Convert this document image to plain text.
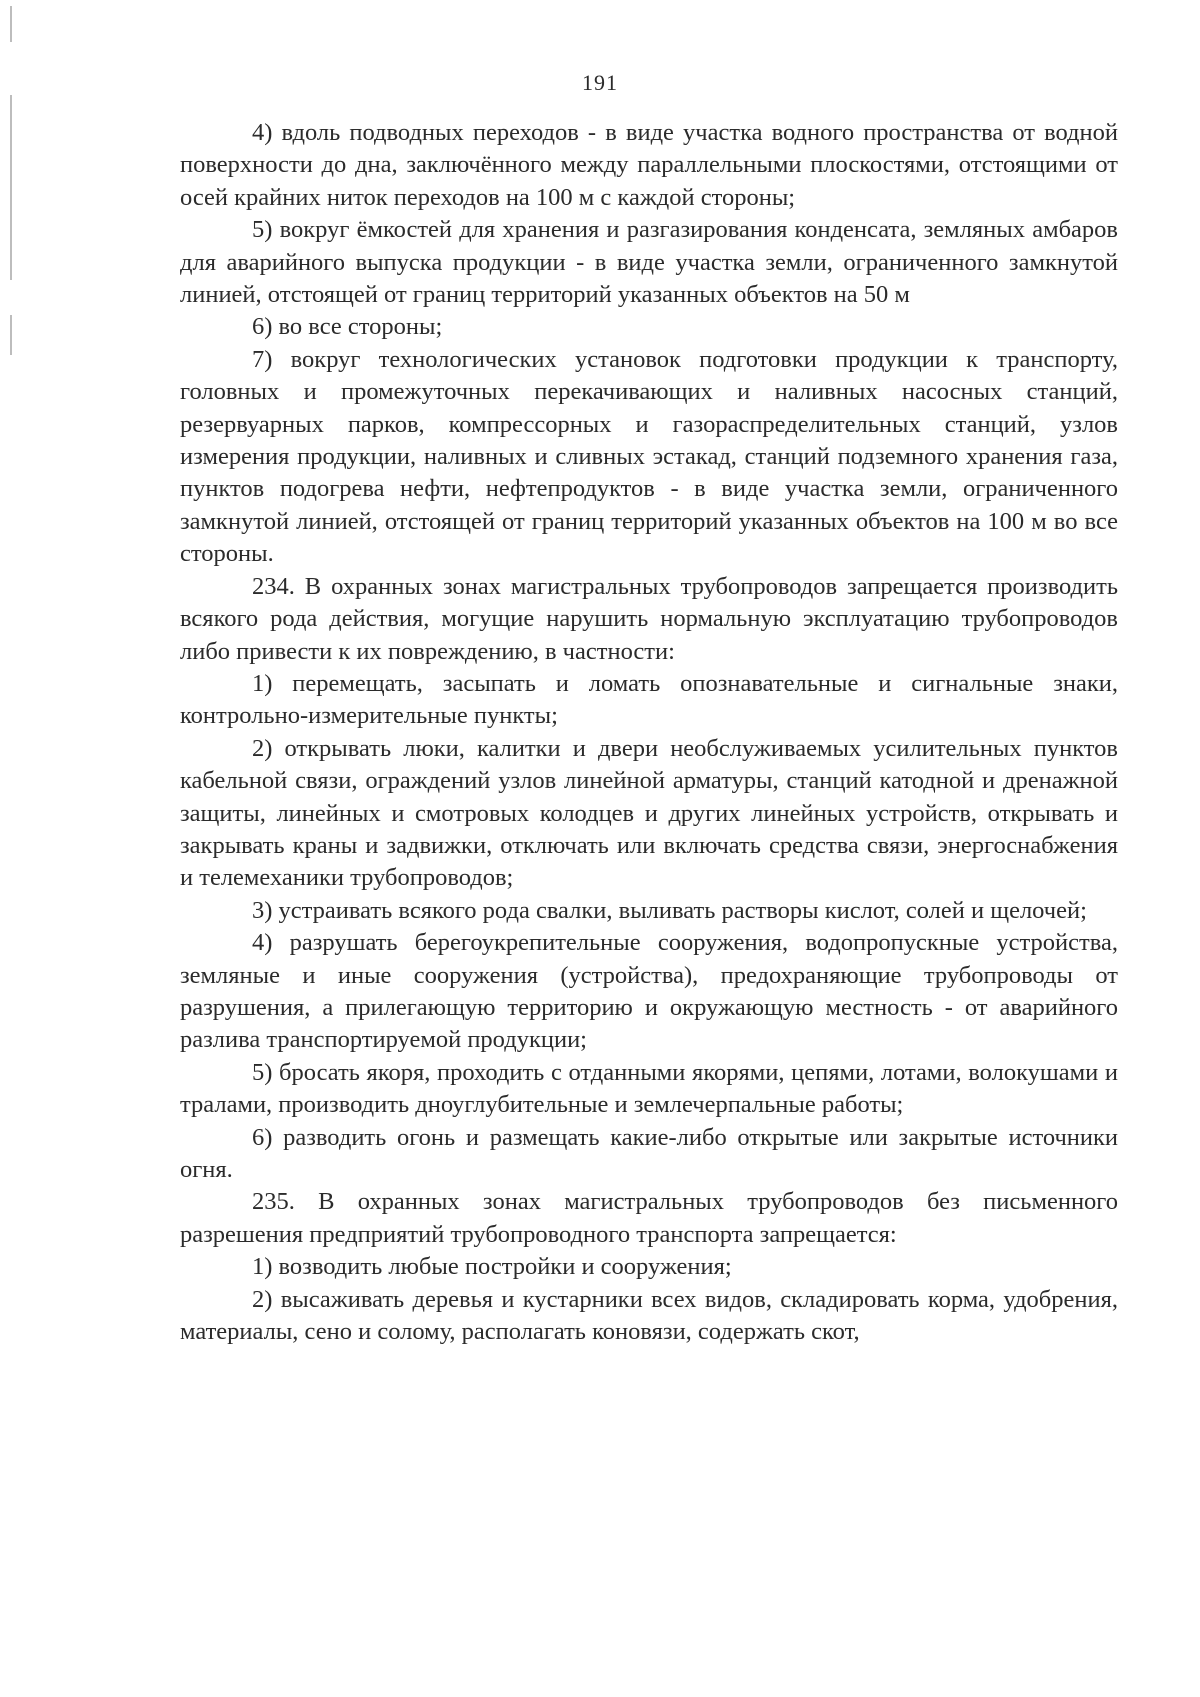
191

4) вдоль подводных переходов - в виде участка водного пространства от водной поверхности до дна, заключённого между параллельными плоскостями, отстоящими от осей крайних ниток переходов на 100 м с каждой стороны;

5) вокруг ёмкостей для хранения и разгазирования конденсата, земляных амбаров для аварийного выпуска продукции - в виде участка земли, ограниченного замкнутой линией, отстоящей от границ территорий указанных объектов на 50 м

6) во все стороны;

7) вокруг технологических установок подготовки продукции к транспорту, головных и промежуточных перекачивающих и наливных насосных станций, резервуарных парков, компрессорных и газораспределительных станций, узлов измерения продукции, наливных и сливных эстакад, станций подземного хранения газа, пунктов подогрева нефти, нефтепродуктов - в виде участка земли, ограниченного замкнутой линией, отстоящей от границ территорий указанных объектов на 100 м во все стороны.

234. В охранных зонах магистральных трубопроводов запрещается производить всякого рода действия, могущие нарушить нормальную эксплуатацию трубопроводов либо привести к их повреждению, в частности:

1) перемещать, засыпать и ломать опознавательные и сигнальные знаки, контрольно-измерительные пункты;

2) открывать люки, калитки и двери необслуживаемых усилительных пунктов кабельной связи, ограждений узлов линейной арматуры, станций катодной и дренажной защиты, линейных и смотровых колодцев и других линейных устройств, открывать и закрывать краны и задвижки, отключать или включать средства связи, энергоснабжения и телемеханики трубопроводов;

3) устраивать всякого рода свалки, выливать растворы кислот, солей и щелочей;

4) разрушать берегоукрепительные сооружения, водопропускные устройства, земляные и иные сооружения (устройства), предохраняющие трубопроводы от разрушения, а прилегающую территорию и окружающую местность - от аварийного разлива транспортируемой продукции;

5) бросать якоря, проходить с отданными якорями, цепями, лотами, волокушами и тралами, производить дноуглубительные и землечерпальные работы;

6) разводить огонь и размещать какие-либо открытые или закрытые источники огня.

235. В охранных зонах магистральных трубопроводов без письменного разрешения предприятий трубопроводного транспорта запрещается:

1) возводить любые постройки и сооружения;

2) высаживать деревья и кустарники всех видов, складировать корма, удобрения, материалы, сено и солому, располагать коновязи, содержать скот,
